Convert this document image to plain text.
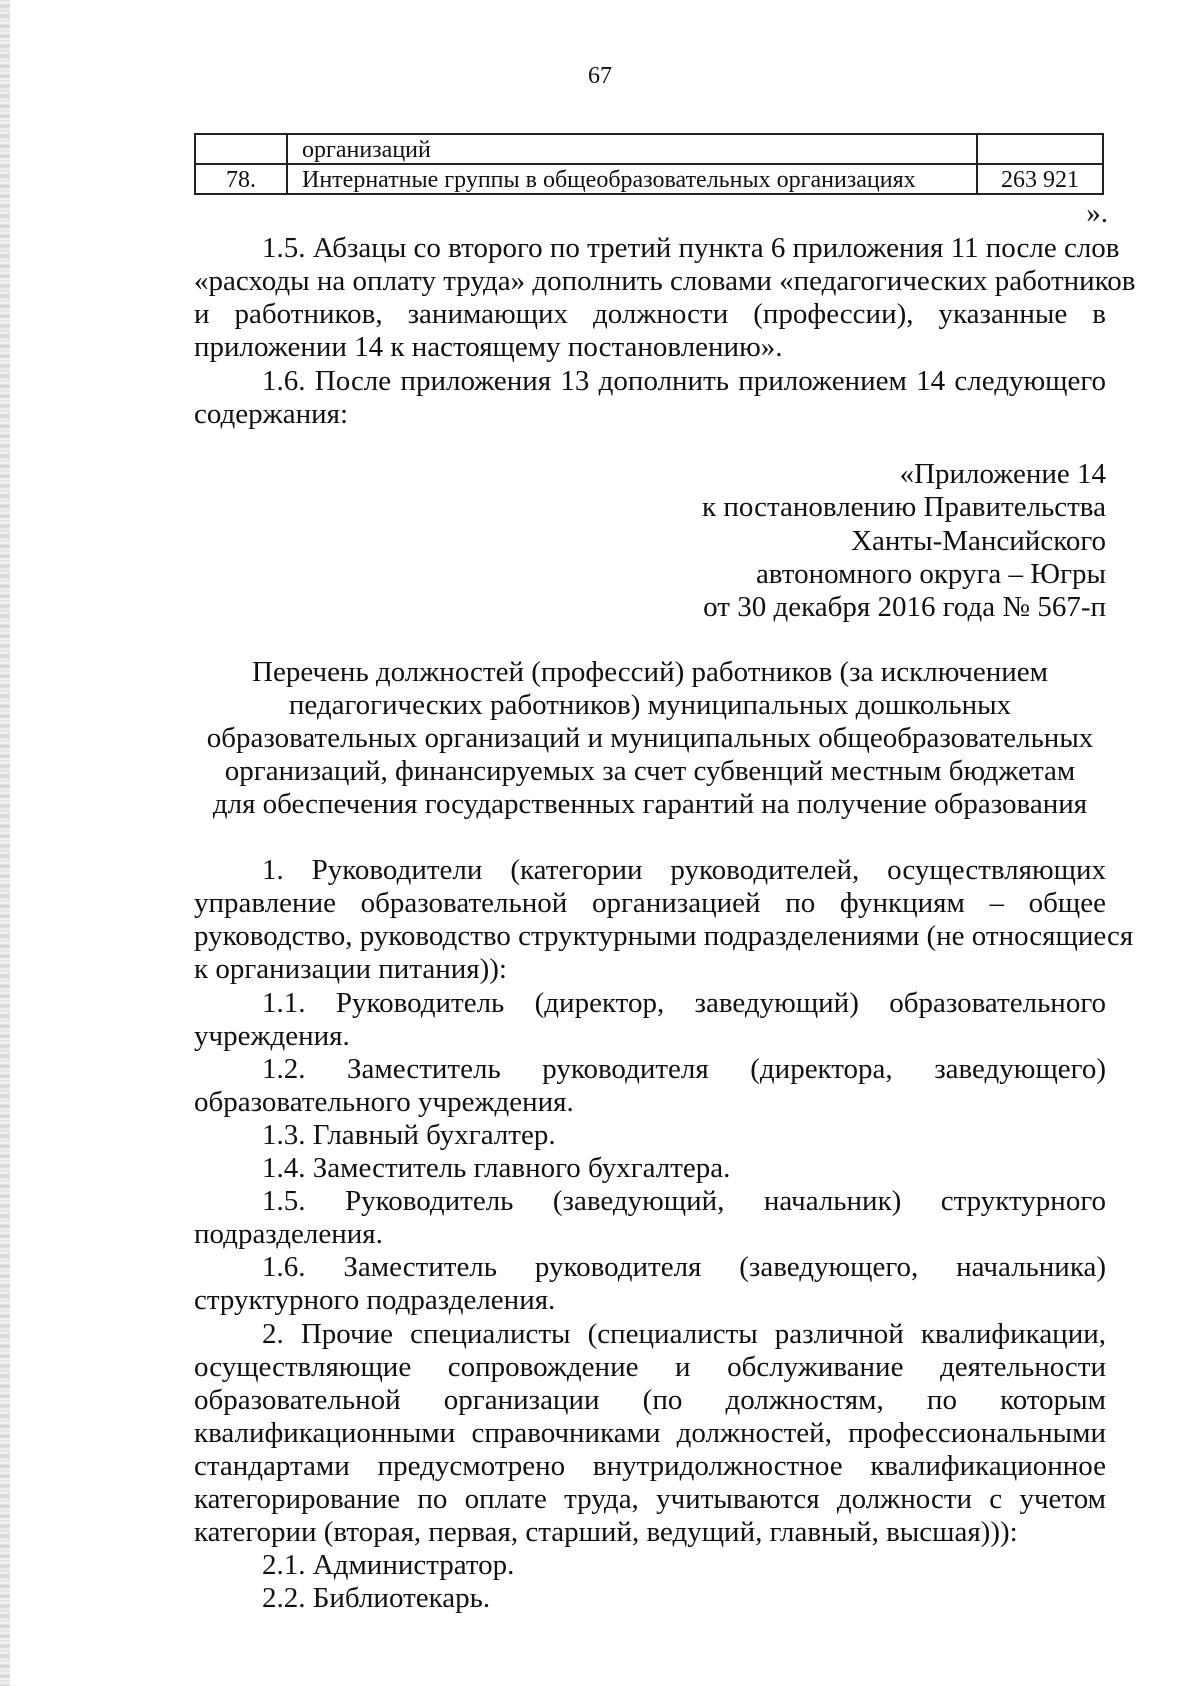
67
	организаций	
78.	Интернатные группы в общеобразовательных организациях	263 921
».
1.5. Абзацы со второго по третий пункта 6 приложения 11 после слов
«расходы на оплату труда» дополнить словами «педагогических работников
и работников, занимающих должности (профессии), указанные в
приложении 14 к настоящему постановлению».
1.6. После приложения 13 дополнить приложением 14 следующего
содержания:
«Приложение 14
к постановлению Правительства
Ханты-Мансийского
автономного округа – Югры
от 30 декабря 2016 года № 567-п
Перечень должностей (профессий) работников (за исключением
педагогических работников) муниципальных дошкольных
образовательных организаций и муниципальных общеобразовательных
организаций, финансируемых за счет субвенций местным бюджетам
для обеспечения государственных гарантий на получение образования
1. Руководители (категории руководителей, осуществляющих
управление образовательной организацией по функциям – общее
руководство, руководство структурными подразделениями (не относящиеся
к организации питания)):
1.1. Руководитель (директор, заведующий) образовательного
учреждения.
1.2. Заместитель руководителя (директора, заведующего)
образовательного учреждения.
1.3. Главный бухгалтер.
1.4. Заместитель главного бухгалтера.
1.5. Руководитель (заведующий, начальник) структурного
подразделения.
1.6. Заместитель руководителя (заведующего, начальника)
структурного подразделения.
2. Прочие специалисты (специалисты различной квалификации,
осуществляющие сопровождение и обслуживание деятельности
образовательной организации (по должностям, по которым
квалификационными справочниками должностей, профессиональными
стандартами предусмотрено внутридолжностное квалификационное
категорирование по оплате труда, учитываются должности с учетом
категории (вторая, первая, старший, ведущий, главный, высшая))):
2.1. Администратор.
2.2. Библиотекарь.
